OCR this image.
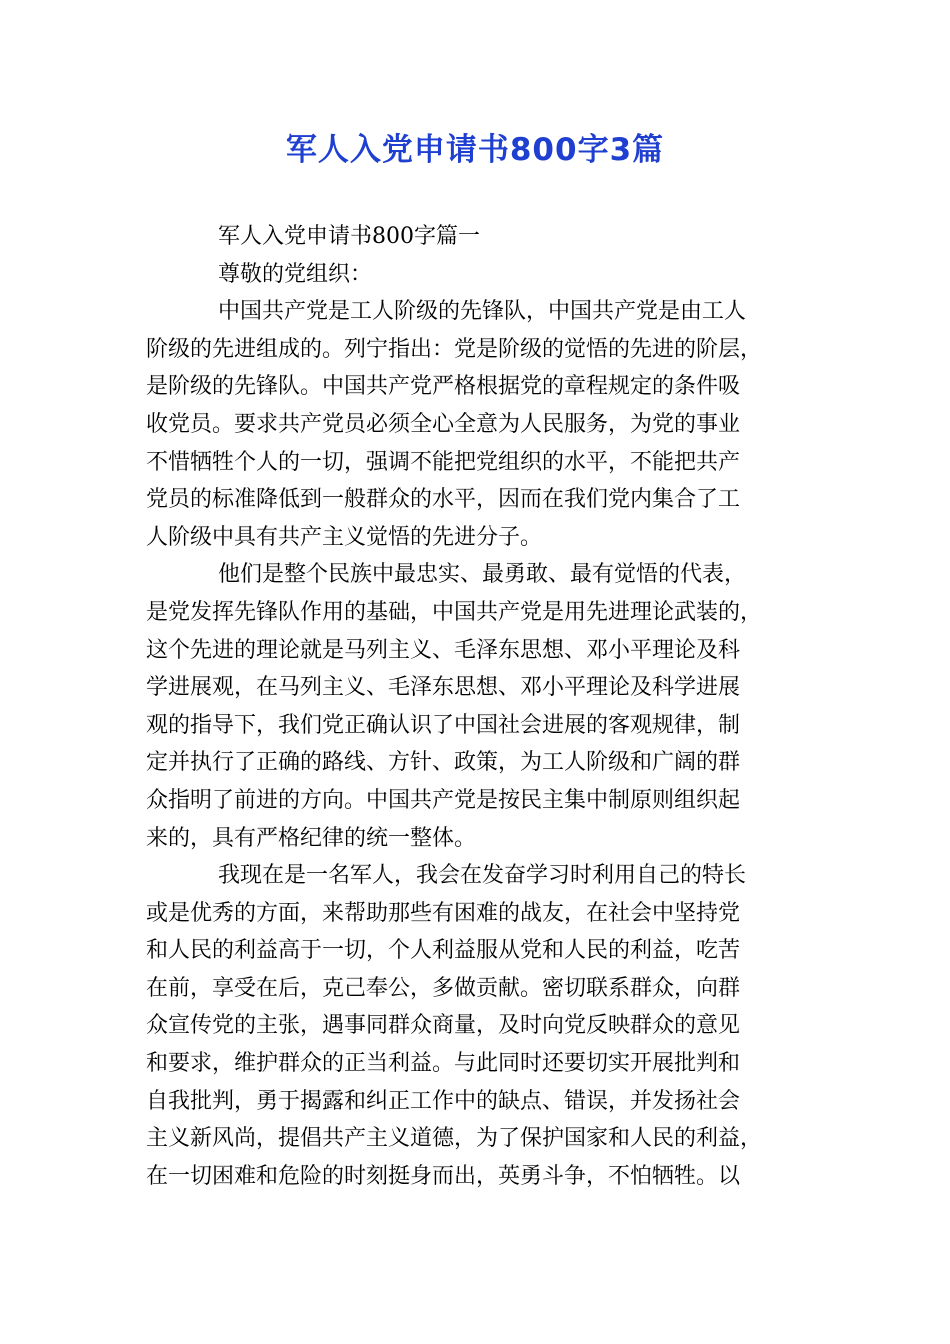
军人入党申请书800字3篇
军人入党申请书800字篇一
尊敬的党组织：
中国共产党是工人阶级的先锋队，中国共产党是由工人
阶级的先进组成的。列宁指出：党是阶级的觉悟的先进的阶层，
是阶级的先锋队。中国共产党严格根据党的章程规定的条件吸
收党员。要求共产党员必须全心全意为人民服务，为党的事业
不惜牺牲个人的一切，强调不能把党组织的水平，不能把共产
党员的标准降低到一般群众的水平，因而在我们党内集合了工
人阶级中具有共产主义觉悟的先进分子。
他们是整个民族中最忠实、最勇敢、最有觉悟的代表，
是党发挥先锋队作用的基础，中国共产党是用先进理论武装的，
这个先进的理论就是马列主义、毛泽东思想、邓小平理论及科
学进展观，在马列主义、毛泽东思想、邓小平理论及科学进展
观的指导下，我们党正确认识了中国社会进展的客观规律，制
定并执行了正确的路线、方针、政策，为工人阶级和广阔的群
众指明了前进的方向。中国共产党是按民主集中制原则组织起
来的，具有严格纪律的统一整体。
我现在是一名军人，我会在发奋学习时利用自己的特长
或是优秀的方面，来帮助那些有困难的战友，在社会中坚持党
和人民的利益高于一切，个人利益服从党和人民的利益，吃苦
在前，享受在后，克己奉公，多做贡献。密切联系群众，向群
众宣传党的主张，遇事同群众商量，及时向党反映群众的意见
和要求，维护群众的正当利益。与此同时还要切实开展批判和
自我批判，勇于揭露和纠正工作中的缺点、错误，并发扬社会
主义新风尚，提倡共产主义道德，为了保护国家和人民的利益，
在一切困难和危险的时刻挺身而出，英勇斗争，不怕牺牲。以
